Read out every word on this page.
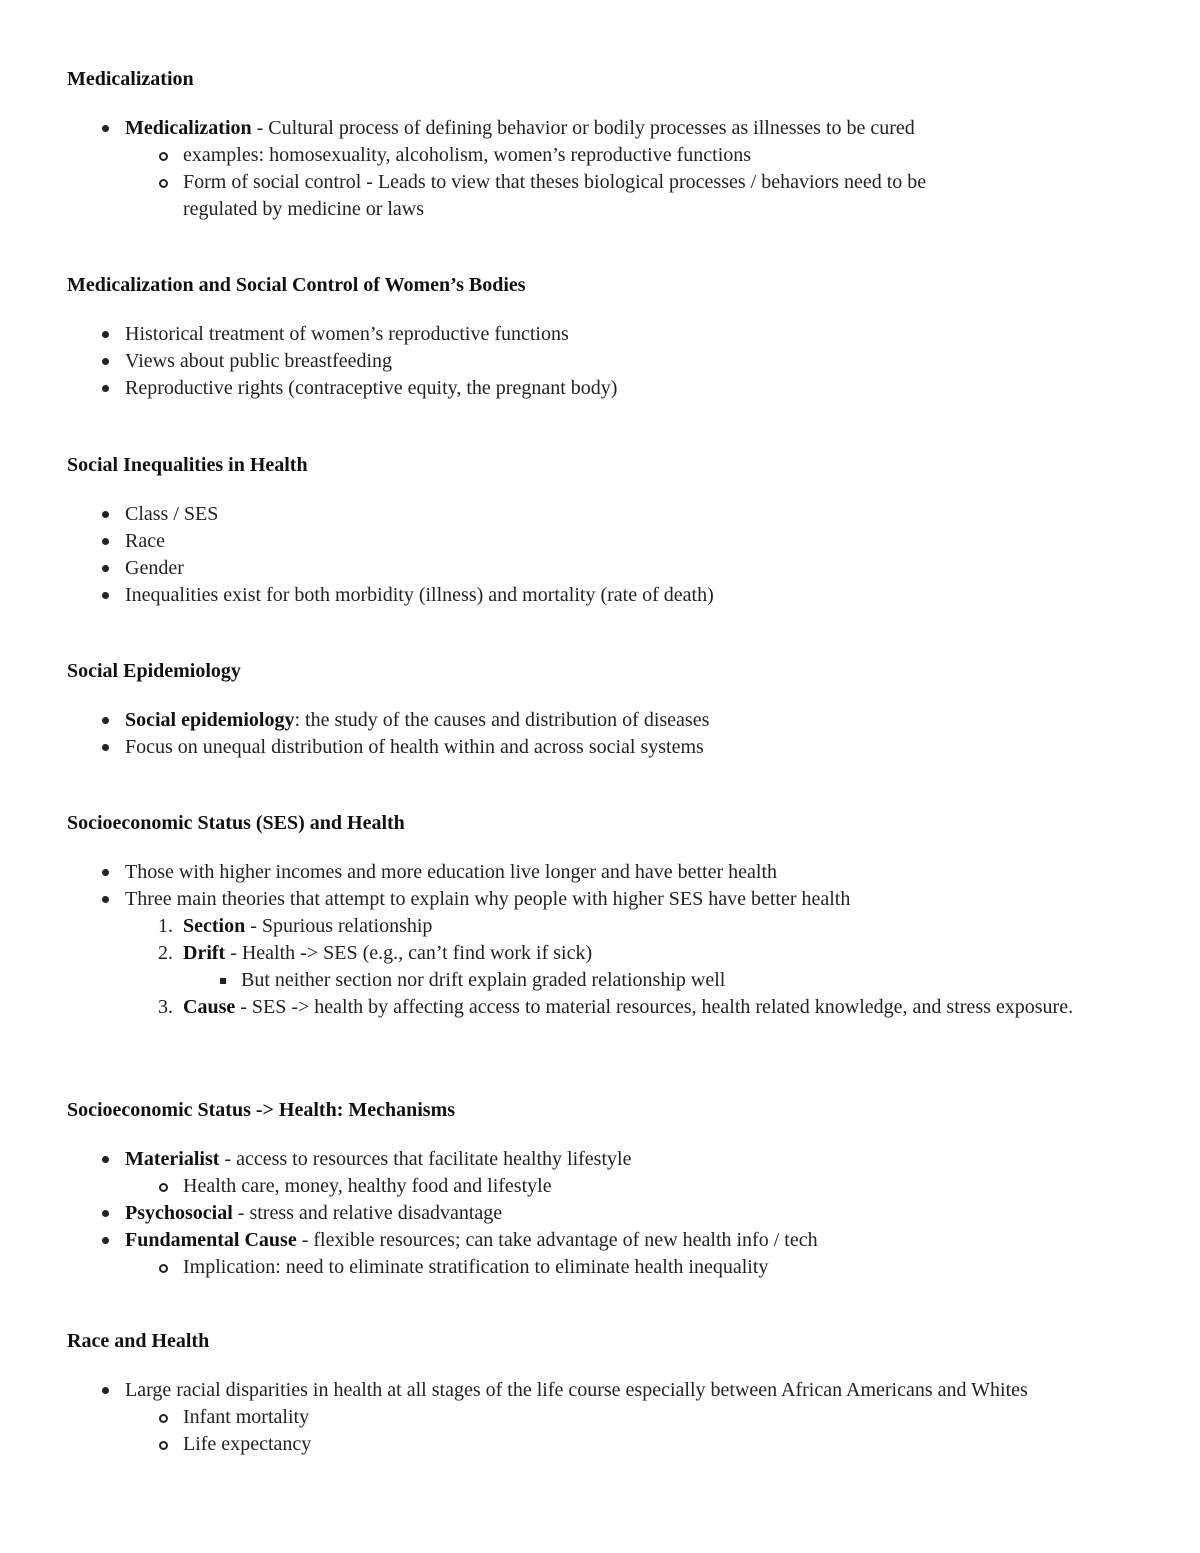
Medicalization
Medicalization - Cultural process of defining behavior or bodily processes as illnesses to be cured
examples: homosexuality, alcoholism, women’s reproductive functions
Form of social control - Leads to view that theses biological processes / behaviors need to be regulated by medicine or laws
Medicalization and Social Control of Women’s Bodies
Historical treatment of women’s reproductive functions
Views about public breastfeeding
Reproductive rights (contraceptive equity, the pregnant body)
Social Inequalities in Health
Class / SES
Race
Gender
Inequalities exist for both morbidity (illness) and mortality (rate of death)
Social Epidemiology
Social epidemiology: the study of the causes and distribution of diseases
Focus on unequal distribution of health within and across social systems
Socioeconomic Status (SES) and Health
Those with higher incomes and more education live longer and have better health
Three main theories that attempt to explain why people with higher SES have better health
1. Section - Spurious relationship
2. Drift - Health -> SES (e.g., can’t find work if sick)
But neither section nor drift explain graded relationship well
3. Cause - SES -> health by affecting access to material resources, health related knowledge, and stress exposure.
Socioeconomic Status -> Health: Mechanisms
Materialist - access to resources that facilitate healthy lifestyle
Health care, money, healthy food and lifestyle
Psychosocial - stress and relative disadvantage
Fundamental Cause - flexible resources; can take advantage of new health info / tech
Implication: need to eliminate stratification to eliminate health inequality
Race and Health
Large racial disparities in health at all stages of the life course especially between African Americans and Whites
Infant mortality
Life expectancy
